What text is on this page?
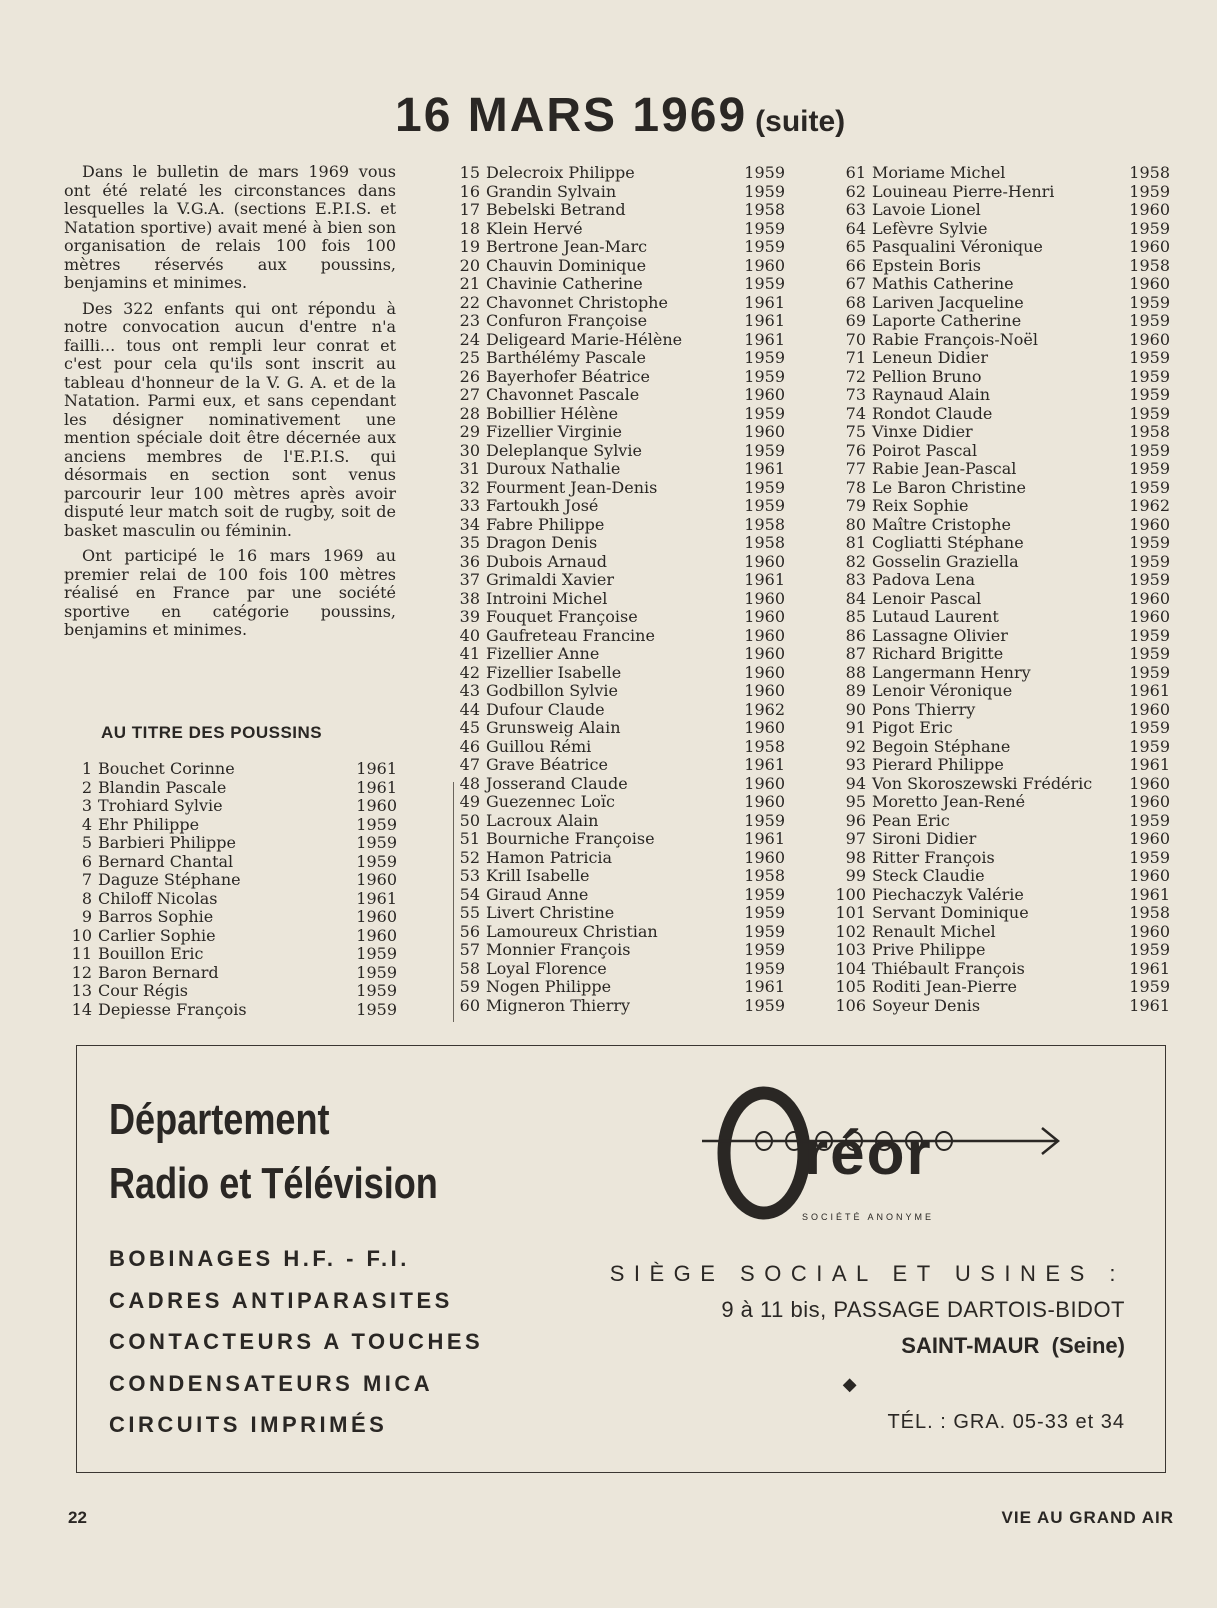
16 MARS 1969 (suite)

Dans le bulletin de mars 1969 vous ont été relaté les circonstances dans lesquelles la V.G.A. (sections E.P.I.S. et Natation sportive) avait mené à bien son organisation de relais 100 fois 100 mètres réservés aux poussins, benjamins et minimes.

Des 322 enfants qui ont répondu à notre convocation aucun d'entre n'a failli... tous ont rempli leur conrat et c'est pour cela qu'ils sont inscrit au tableau d'honneur de la V. G. A. et de la Natation. Parmi eux, et sans cependant les désigner nominativement une mention spéciale doit être décernée aux anciens membres de l'E.P.I.S. qui désormais en section sont venus parcourir leur 100 mètres après avoir disputé leur match soit de rugby, soit de basket masculin ou féminin.

Ont participé le 16 mars 1969 au premier relai de 100 fois 100 mètres réalisé en France par une société sportive en catégorie poussins, benjamins et minimes.

AU TITRE DES POUSSINS
1 Bouchet Corinne	1961
2 Blandin Pascale	1961
3 Trohiard Sylvie	1960
4 Ehr Philippe	1959
5 Barbieri Philippe	1959
6 Bernard Chantal	1959
7 Daguze Stéphane	1960
8 Chiloff Nicolas	1961
9 Barros Sophie	1960
10 Carlier Sophie	1960
11 Bouillon Eric	1959
12 Baron Bernard	1959
13 Cour Régis	1959
14 Depiesse François	1959
15 Delecroix Philippe	1959
16 Grandin Sylvain	1959
17 Bebelski Betrand	1958
18 Klein Hervé	1959
19 Bertrone Jean-Marc	1959
20 Chauvin Dominique	1960
21 Chavinie Catherine	1959
22 Chavonnet Christophe	1961
23 Confuron Françoise	1961
24 Deligeard Marie-Hélène	1961
25 Barthélémy Pascale	1959
26 Bayerhofer Béatrice	1959
27 Chavonnet Pascale	1960
28 Bobillier Hélène	1959
29 Fizellier Virginie	1960
30 Deleplanque Sylvie	1959
31 Duroux Nathalie	1961
32 Fourment Jean-Denis	1959
33 Fartoukh José	1959
34 Fabre Philippe	1958
35 Dragon Denis	1958
36 Dubois Arnaud	1960
37 Grimaldi Xavier	1961
38 Introini Michel	1960
39 Fouquet Françoise	1960
40 Gaufreteau Francine	1960
41 Fizellier Anne	1960
42 Fizellier Isabelle	1960
43 Godbillon Sylvie	1960
44 Dufour Claude	1962
45 Grunsweig Alain	1960
46 Guillou Rémi	1958
47 Grave Béatrice	1961
48 Josserand Claude	1960
49 Guezennec Loïc	1960
50 Lacroux Alain	1959
51 Bourniche Françoise	1961
52 Hamon Patricia	1960
53 Krill Isabelle	1958
54 Giraud Anne	1959
55 Livert Christine	1959
56 Lamoureux Christian	1959
57 Monnier François	1959
58 Loyal Florence	1959
59 Nogen Philippe	1961
60 Migneron Thierry	1959
61 Moriame Michel	1958
62 Louineau Pierre-Henri	1959
63 Lavoie Lionel	1960
64 Lefèvre Sylvie	1959
65 Pasqualini Véronique	1960
66 Epstein Boris	1958
67 Mathis Catherine	1960
68 Lariven Jacqueline	1959
69 Laporte Catherine	1959
70 Rabie François-Noël	1960
71 Leneun Didier	1959
72 Pellion Bruno	1959
73 Raynaud Alain	1959
74 Rondot Claude	1959
75 Vinxe Didier	1958
76 Poirot Pascal	1959
77 Rabie Jean-Pascal	1959
78 Le Baron Christine	1959
79 Reix Sophie	1962
80 Maître Cristophe	1960
81 Cogliatti Stéphane	1959
82 Gosselin Graziella	1959
83 Padova Lena	1959
84 Lenoir Pascal	1960
85 Lutaud Laurent	1960
86 Lassagne Olivier	1959
87 Richard Brigitte	1959
88 Langermann Henry	1959
89 Lenoir Véronique	1961
90 Pons Thierry	1960
91 Pigot Eric	1959
92 Begoin Stéphane	1959
93 Pierard Philippe	1961
94 Von Skoroszewski Frédéric 1960
95 Moretto Jean-René	1960
96 Pean Eric	1959
97 Sironi Didier	1960
98 Ritter François	1959
99 Steck Claudie	1960
100 Piechaczyk Valérie	1961
101 Servant Dominique	1958
102 Renault Michel	1960
103 Prive Philippe	1959
104 Thiébault François	1961
105 Roditi Jean-Pierre	1959
106 Soyeur Denis	1961
Département
Radio et Télévision
BOBINAGES H.F. - F.I.
CADRES ANTIPARASITES
CONTACTEURS A TOUCHES
CONDENSATEURS MICA
CIRCUITS IMPRIMÉS
réor
SOCIÉTÉ ANONYME
SIÈGE SOCIAL ET USINES :
9 à 11 bis, PASSAGE DARTOIS-BIDOT
SAINT-MAUR (Seine)
◆
TÉL. : GRA. 05-33 et 34
22	VIE AU GRAND AIR
